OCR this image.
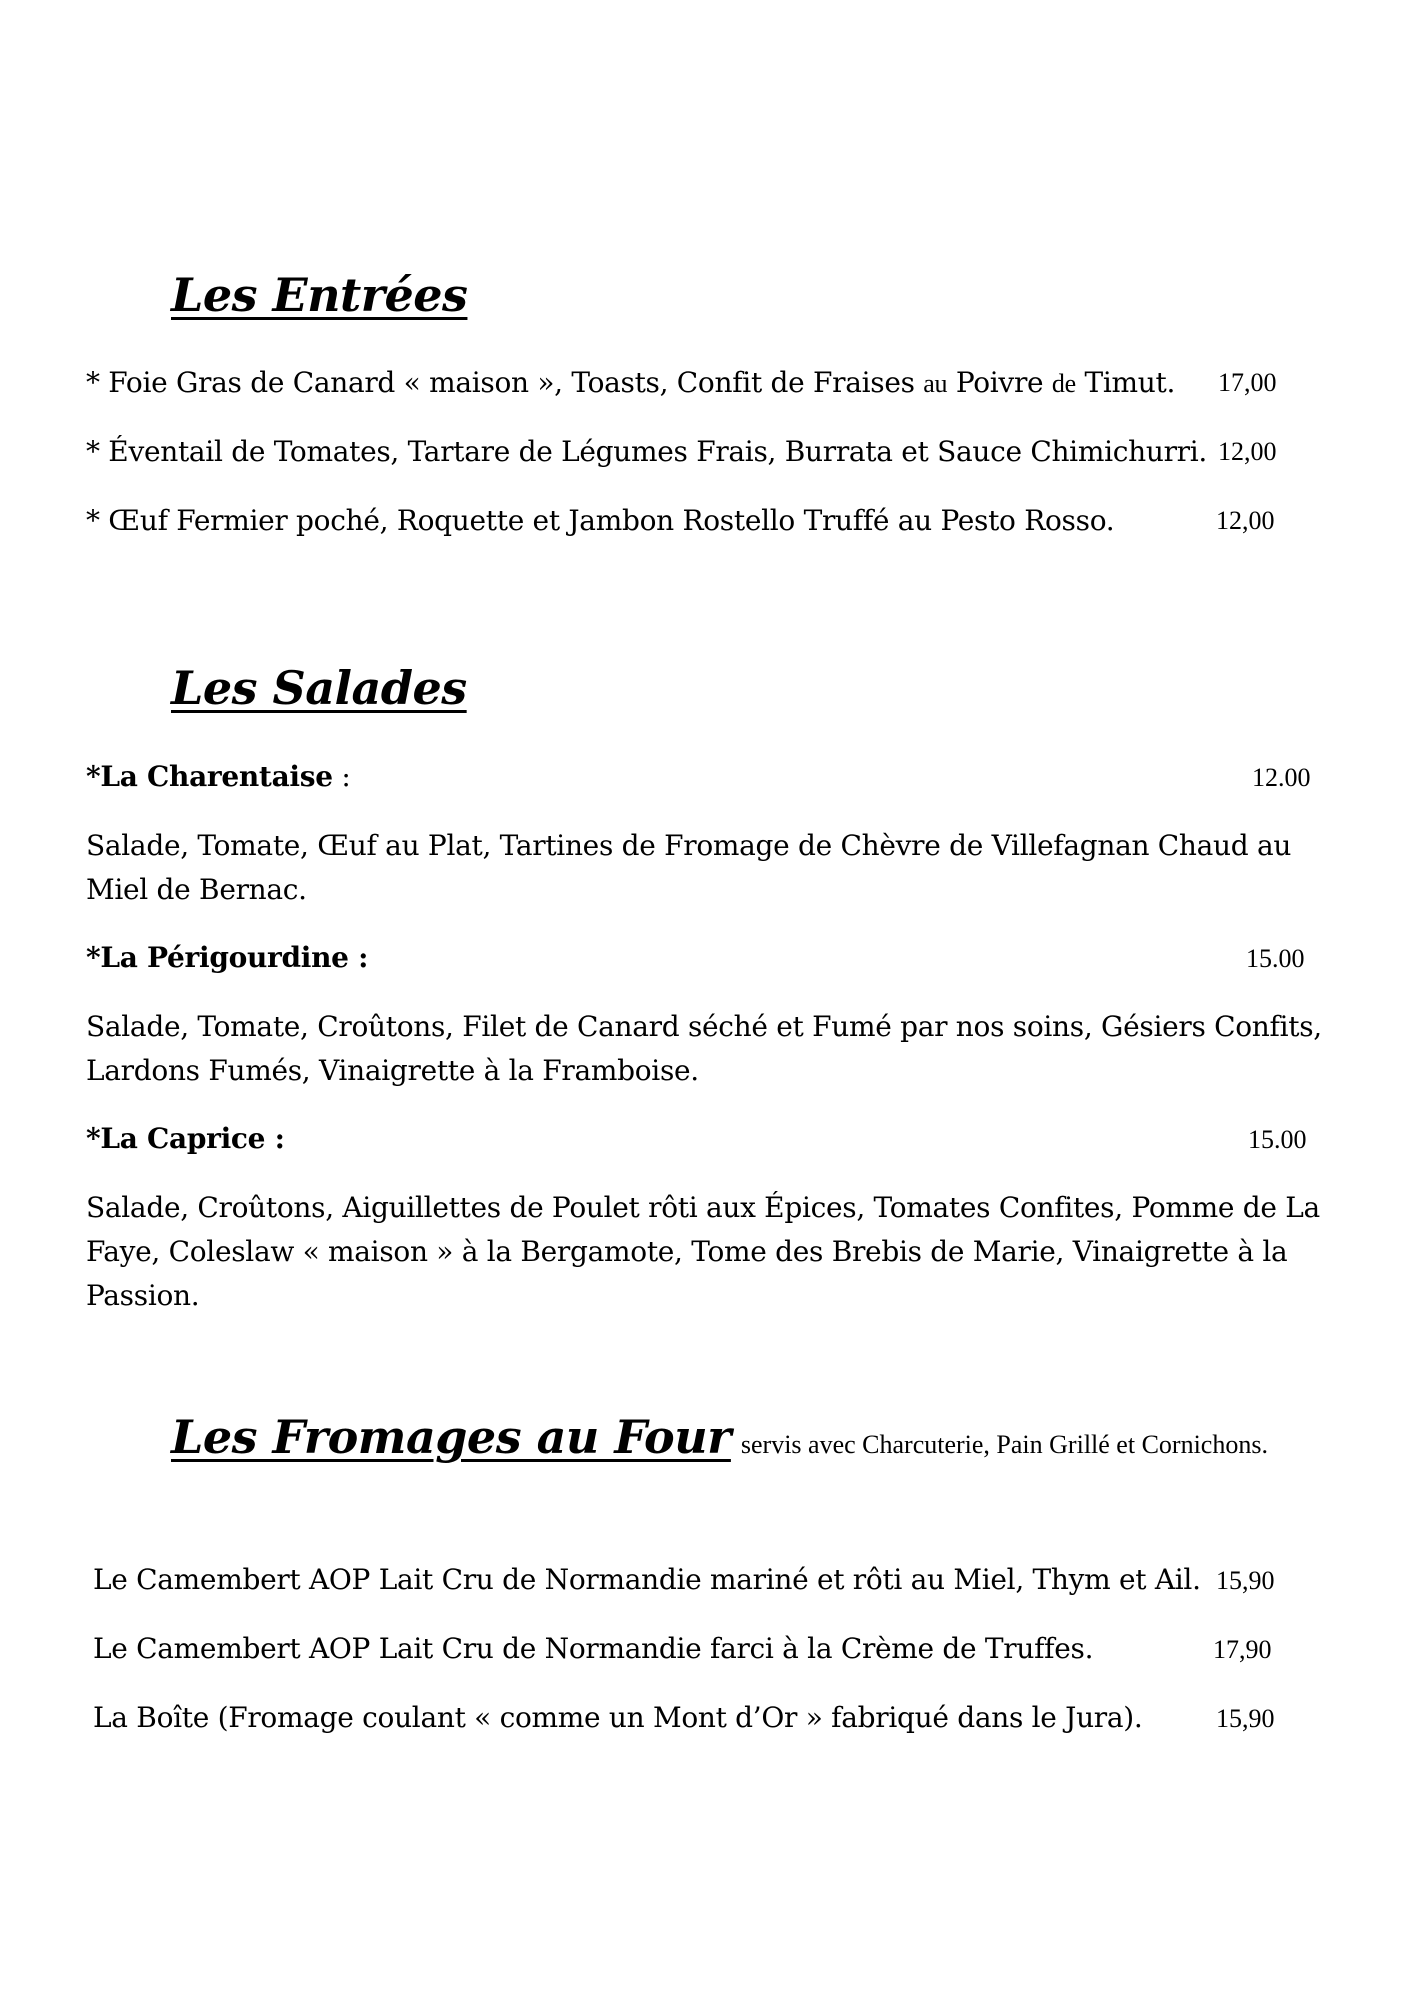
Les Entrées
* Foie Gras de Canard « maison », Toasts, Confit de Fraises au Poivre de Timut. 17,00
* Éventail de Tomates, Tartare de Légumes Frais, Burrata et Sauce Chimichurri. 12,00
* Œuf Fermier poché, Roquette et Jambon Rostello Truffé au Pesto Rosso.	12,00
Les Salades
*La Charentaise :	12.00
Salade, Tomate, Œuf au Plat, Tartines de Fromage de Chèvre de Villefagnan Chaud au Miel de Bernac.
*La Périgourdine :	15.00
Salade, Tomate, Croûtons, Filet de Canard séché et Fumé par nos soins, Gésiers Confits, Lardons Fumés, Vinaigrette à la Framboise.
*La Caprice :	15.00
Salade, Croûtons, Aiguillettes de Poulet rôti aux Épices, Tomates Confites, Pomme de La Faye, Coleslaw « maison » à la Bergamote, Tome des Brebis de Marie, Vinaigrette à la Passion.
Les Fromages au Four servis avec Charcuterie, Pain Grillé et Cornichons.
Le Camembert AOP Lait Cru de Normandie mariné et rôti au Miel, Thym et Ail. 15,90
Le Camembert AOP Lait Cru de Normandie farci à la Crème de Truffes.	17,90
La Boîte (Fromage coulant « comme un Mont d’Or » fabriqué dans le Jura).	15,90
